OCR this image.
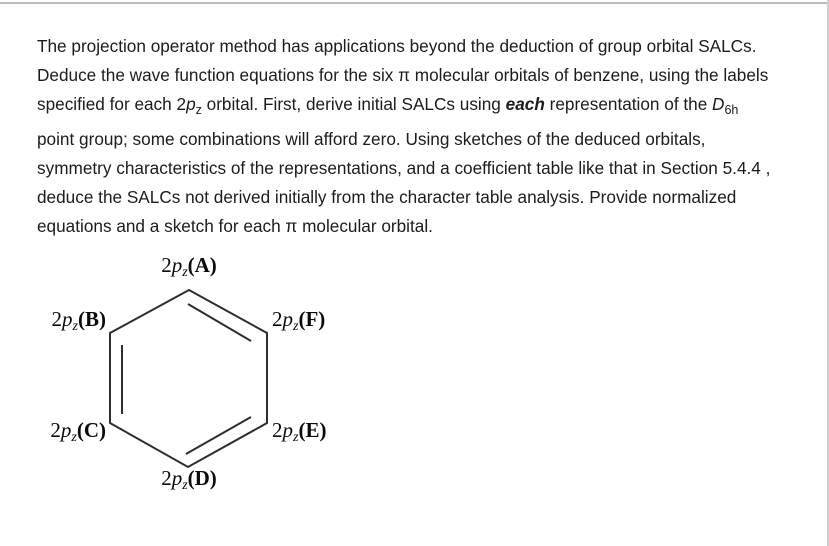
The projection operator method has applications beyond the deduction of group orbital SALCs.
Deduce the wave function equations for the six π molecular orbitals of benzene, using the labels
specified for each $2p_z$ orbital. First, derive initial SALCs using each representation of the $D_{6h}$
point group; some combinations will afford zero. Using sketches of the deduced orbitals,
symmetry characteristics of the representations, and a coefficient table like that in Section 5.4.4 ,
deduce the SALCs not derived initially from the character table analysis. Provide normalized
equations and a sketch for each π molecular orbital.
2pz(A)
2pz(B)	2pz(F)
2pz(C)	2pz(E)
2pz(D)
